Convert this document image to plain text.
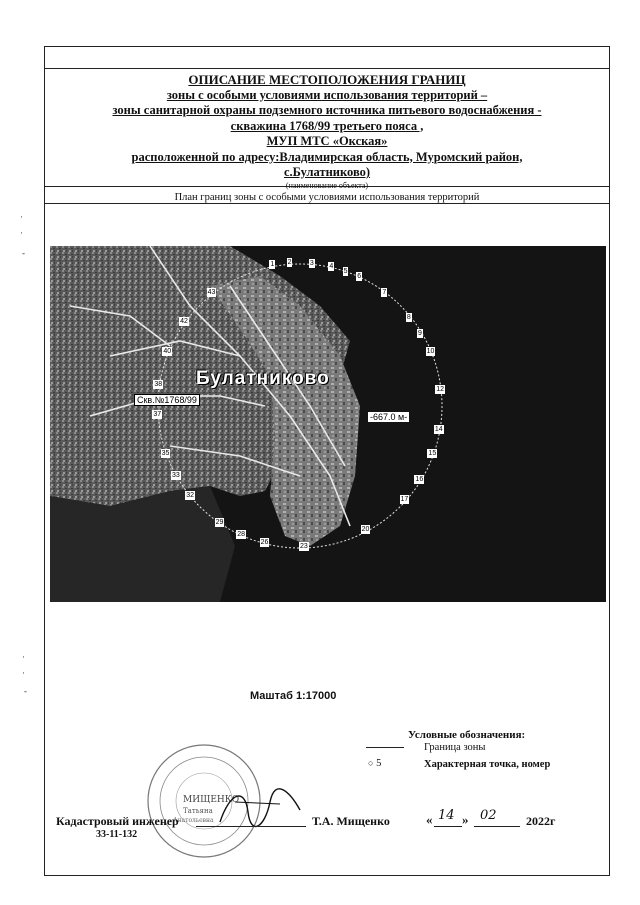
ОПИСАНИЕ МЕСТОПОЛОЖЕНИЯ ГРАНИЦ
зоны с особыми условиями использования территорий –
зоны санитарной охраны подземного источника питьевого водоснабжения -
скважина 1768/99 третьего пояса ,
МУП МТС «Окская»
расположенной по адресу:Владимирская область, Муромский район,
с.Булатниково)
(наименование объекта)
План границ зоны с особыми условиями использования территорий
·
·
-
·
·
-
Булатниково
Скв.№1768/99
-667.0 м-
1 2	3 4
5
6
7
8
9
10
12
14
15
16
17
20
23
26
28
29
32
33
35
37
38
40
42
43
Маштаб 1:17000
Условные обозначения:
Граница зоны
○ 5	Характерная точка, номер
МИЩЕНКО
Татьяна
Анатольевна
Кадастровый инженер
33-11-132
Т.А. Мищенко	« 14 » 02 2022г
